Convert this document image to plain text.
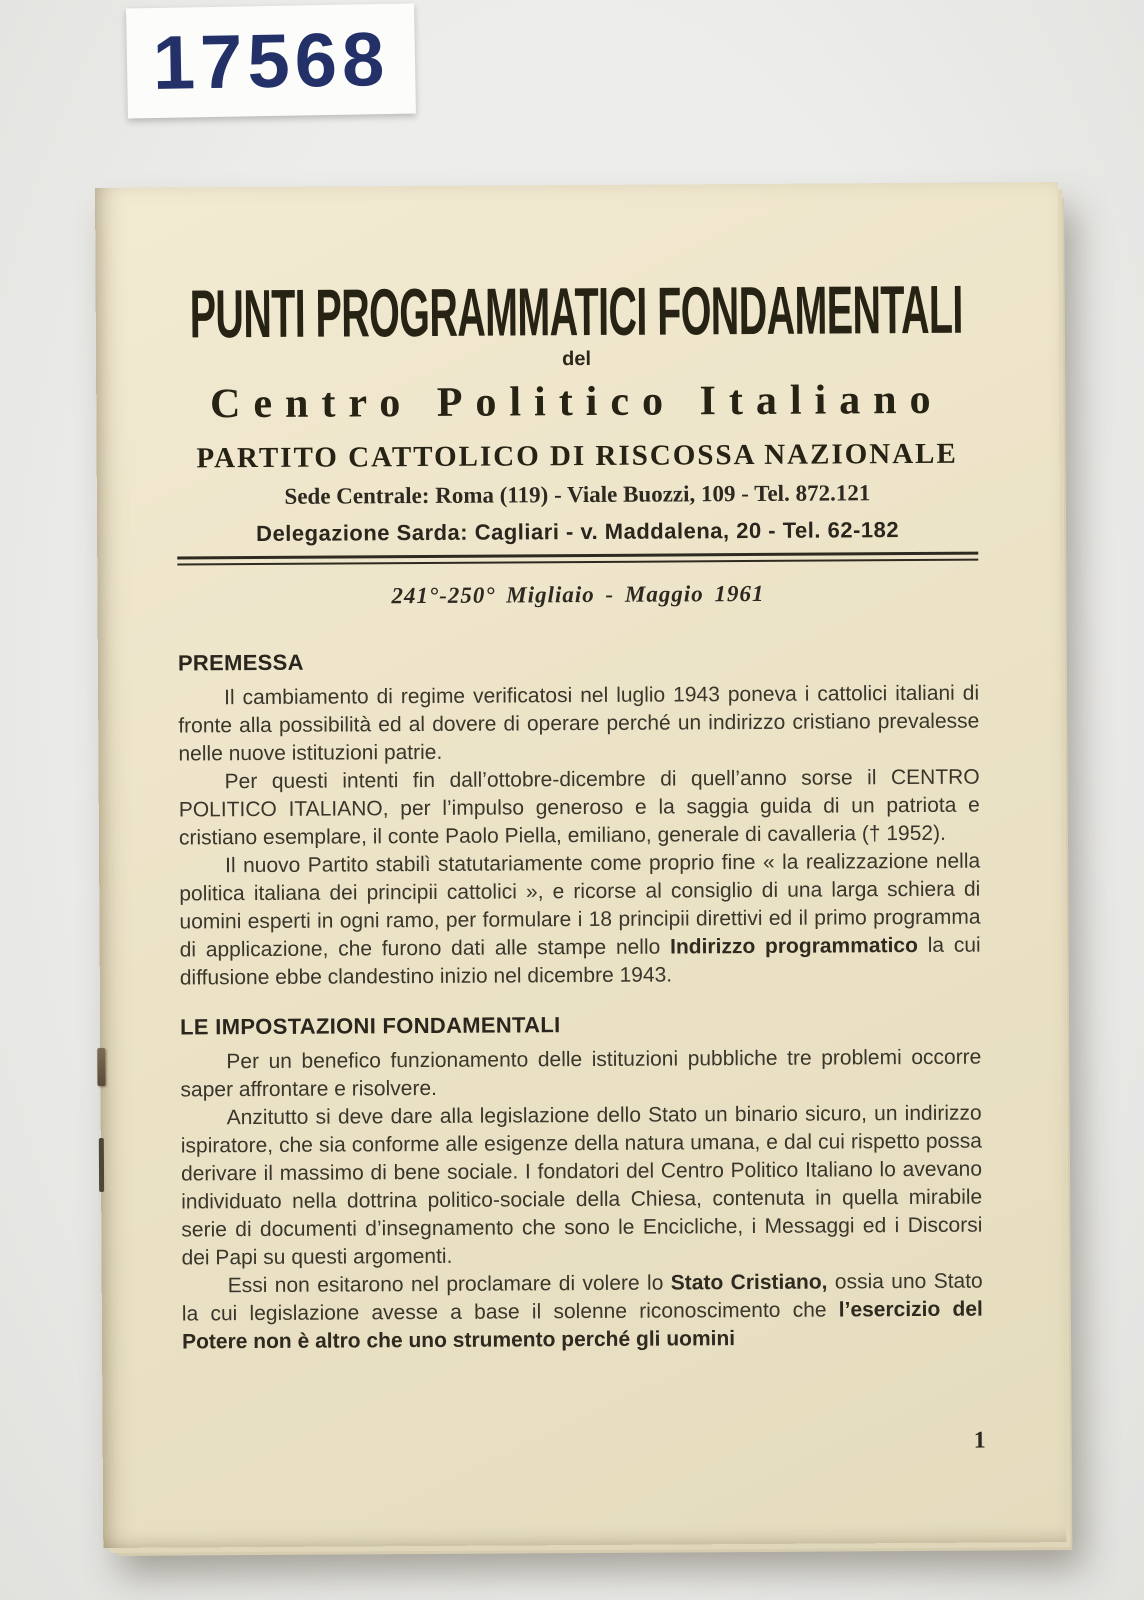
17568
PUNTI PROGRAMMATICI FONDAMENTALI
del
Centro Politico Italiano
PARTITO CATTOLICO DI RISCOSSA NAZIONALE
Sede Centrale: Roma (119) - Viale Buozzi, 109 - Tel. 872.121
Delegazione Sarda: Cagliari - v. Maddalena, 20 - Tel. 62-182
241°-250° Migliaio - Maggio 1961
PREMESSA

Il cambiamento di regime verificatosi nel luglio 1943 poneva i cattolici italiani di fronte alla possibilità ed al dovere di operare perché un indirizzo cristiano prevalesse nelle nuove istituzioni patrie.

Per questi intenti fin dall’ottobre-dicembre di quell’anno sorse il CENTRO POLITICO ITALIANO, per l’impulso generoso e la saggia guida di un patriota e cristiano esemplare, il conte Paolo Piella, emiliano, generale di cavalleria († 1952).

Il nuovo Partito stabilì statutariamente come proprio fine « la realizzazione nella politica italiana dei principii cattolici », e ricorse al consiglio di una larga schiera di uomini esperti in ogni ramo, per formulare i 18 principii direttivi ed il primo programma di applicazione, che furono dati alle stampe nello Indirizzo programmatico la cui diffusione ebbe clandestino inizio nel dicembre 1943.

LE IMPOSTAZIONI FONDAMENTALI

Per un benefico funzionamento delle istituzioni pubbliche tre problemi occorre saper affrontare e risolvere.

Anzitutto si deve dare alla legislazione dello Stato un binario sicuro, un indirizzo ispiratore, che sia conforme alle esigenze della natura umana, e dal cui rispetto possa derivare il massimo di bene sociale. I fondatori del Centro Politico Italiano lo avevano individuato nella dottrina politico-sociale della Chiesa, contenuta in quella mirabile serie di documenti d’insegnamento che sono le Encicliche, i Messaggi ed i Discorsi dei Papi su questi argomenti.

Essi non esitarono nel proclamare di volere lo Stato Cristiano, ossia uno Stato la cui legislazione avesse a base il solenne riconoscimento che l’esercizio del Potere non è altro che uno strumento perché gli uomini

1
